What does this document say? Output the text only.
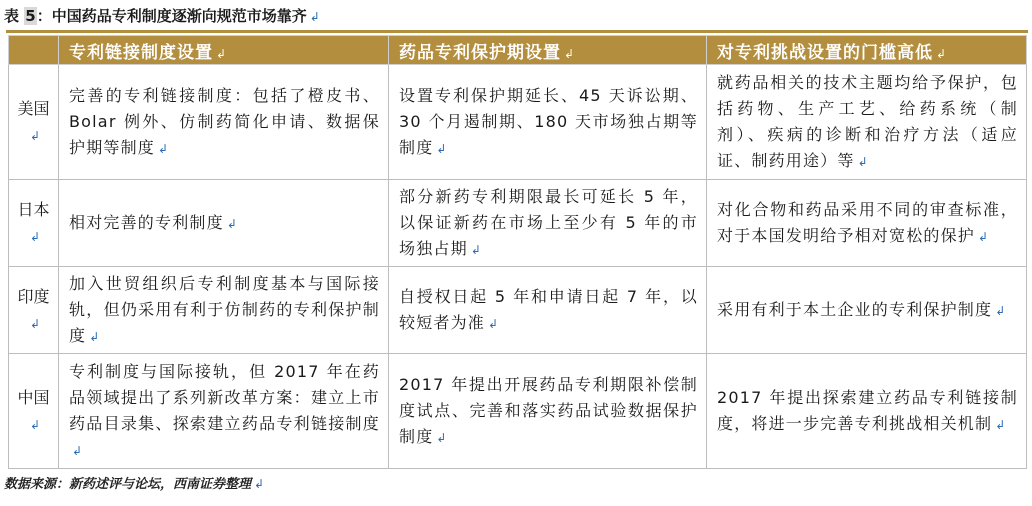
表 5：中国药品专利制度逐渐向规范市场靠齐 ↲
	专利链接制度设置 ↲	药品专利保护期设置 ↲	对专利挑战设置的门槛高低 ↲
美国↲	完善的专利链接制度：包括了橙皮书、Bolar 例外、仿制药简化申请、数据保护期等制度 ↲	设置专利保护期延长、45 天诉讼期、30 个月遏制期、180 天市场独占期等制度 ↲	就药品相关的技术主题均给予保护，包括药物、生产工艺、给药系统（制剂）、疾病的诊断和治疗方法（适应证、制药用途）等 ↲
日本↲	相对完善的专利制度 ↲	部分新药专利期限最长可延长 5 年，以保证新药在市场上至少有 5 年的市场独占期 ↲	对化合物和药品采用不同的审查标准，对于本国发明给予相对宽松的保护 ↲
印度↲	加入世贸组织后专利制度基本与国际接轨，但仍采用有利于仿制药的专利保护制度 ↲	自授权日起 5 年和申请日起 7 年，以较短者为准 ↲	采用有利于本土企业的专利保护制度 ↲
中国↲	专利制度与国际接轨，但 2017 年在药品领域提出了系列新改革方案：建立上市药品目录集、探索建立药品专利链接制度↲	2017 年提出开展药品专利期限补偿制度试点、完善和落实药品试验数据保护制度 ↲	2017 年提出探索建立药品专利链接制度，将进一步完善专利挑战相关机制 ↲
数据来源：新药述评与论坛，西南证券整理 ↲
